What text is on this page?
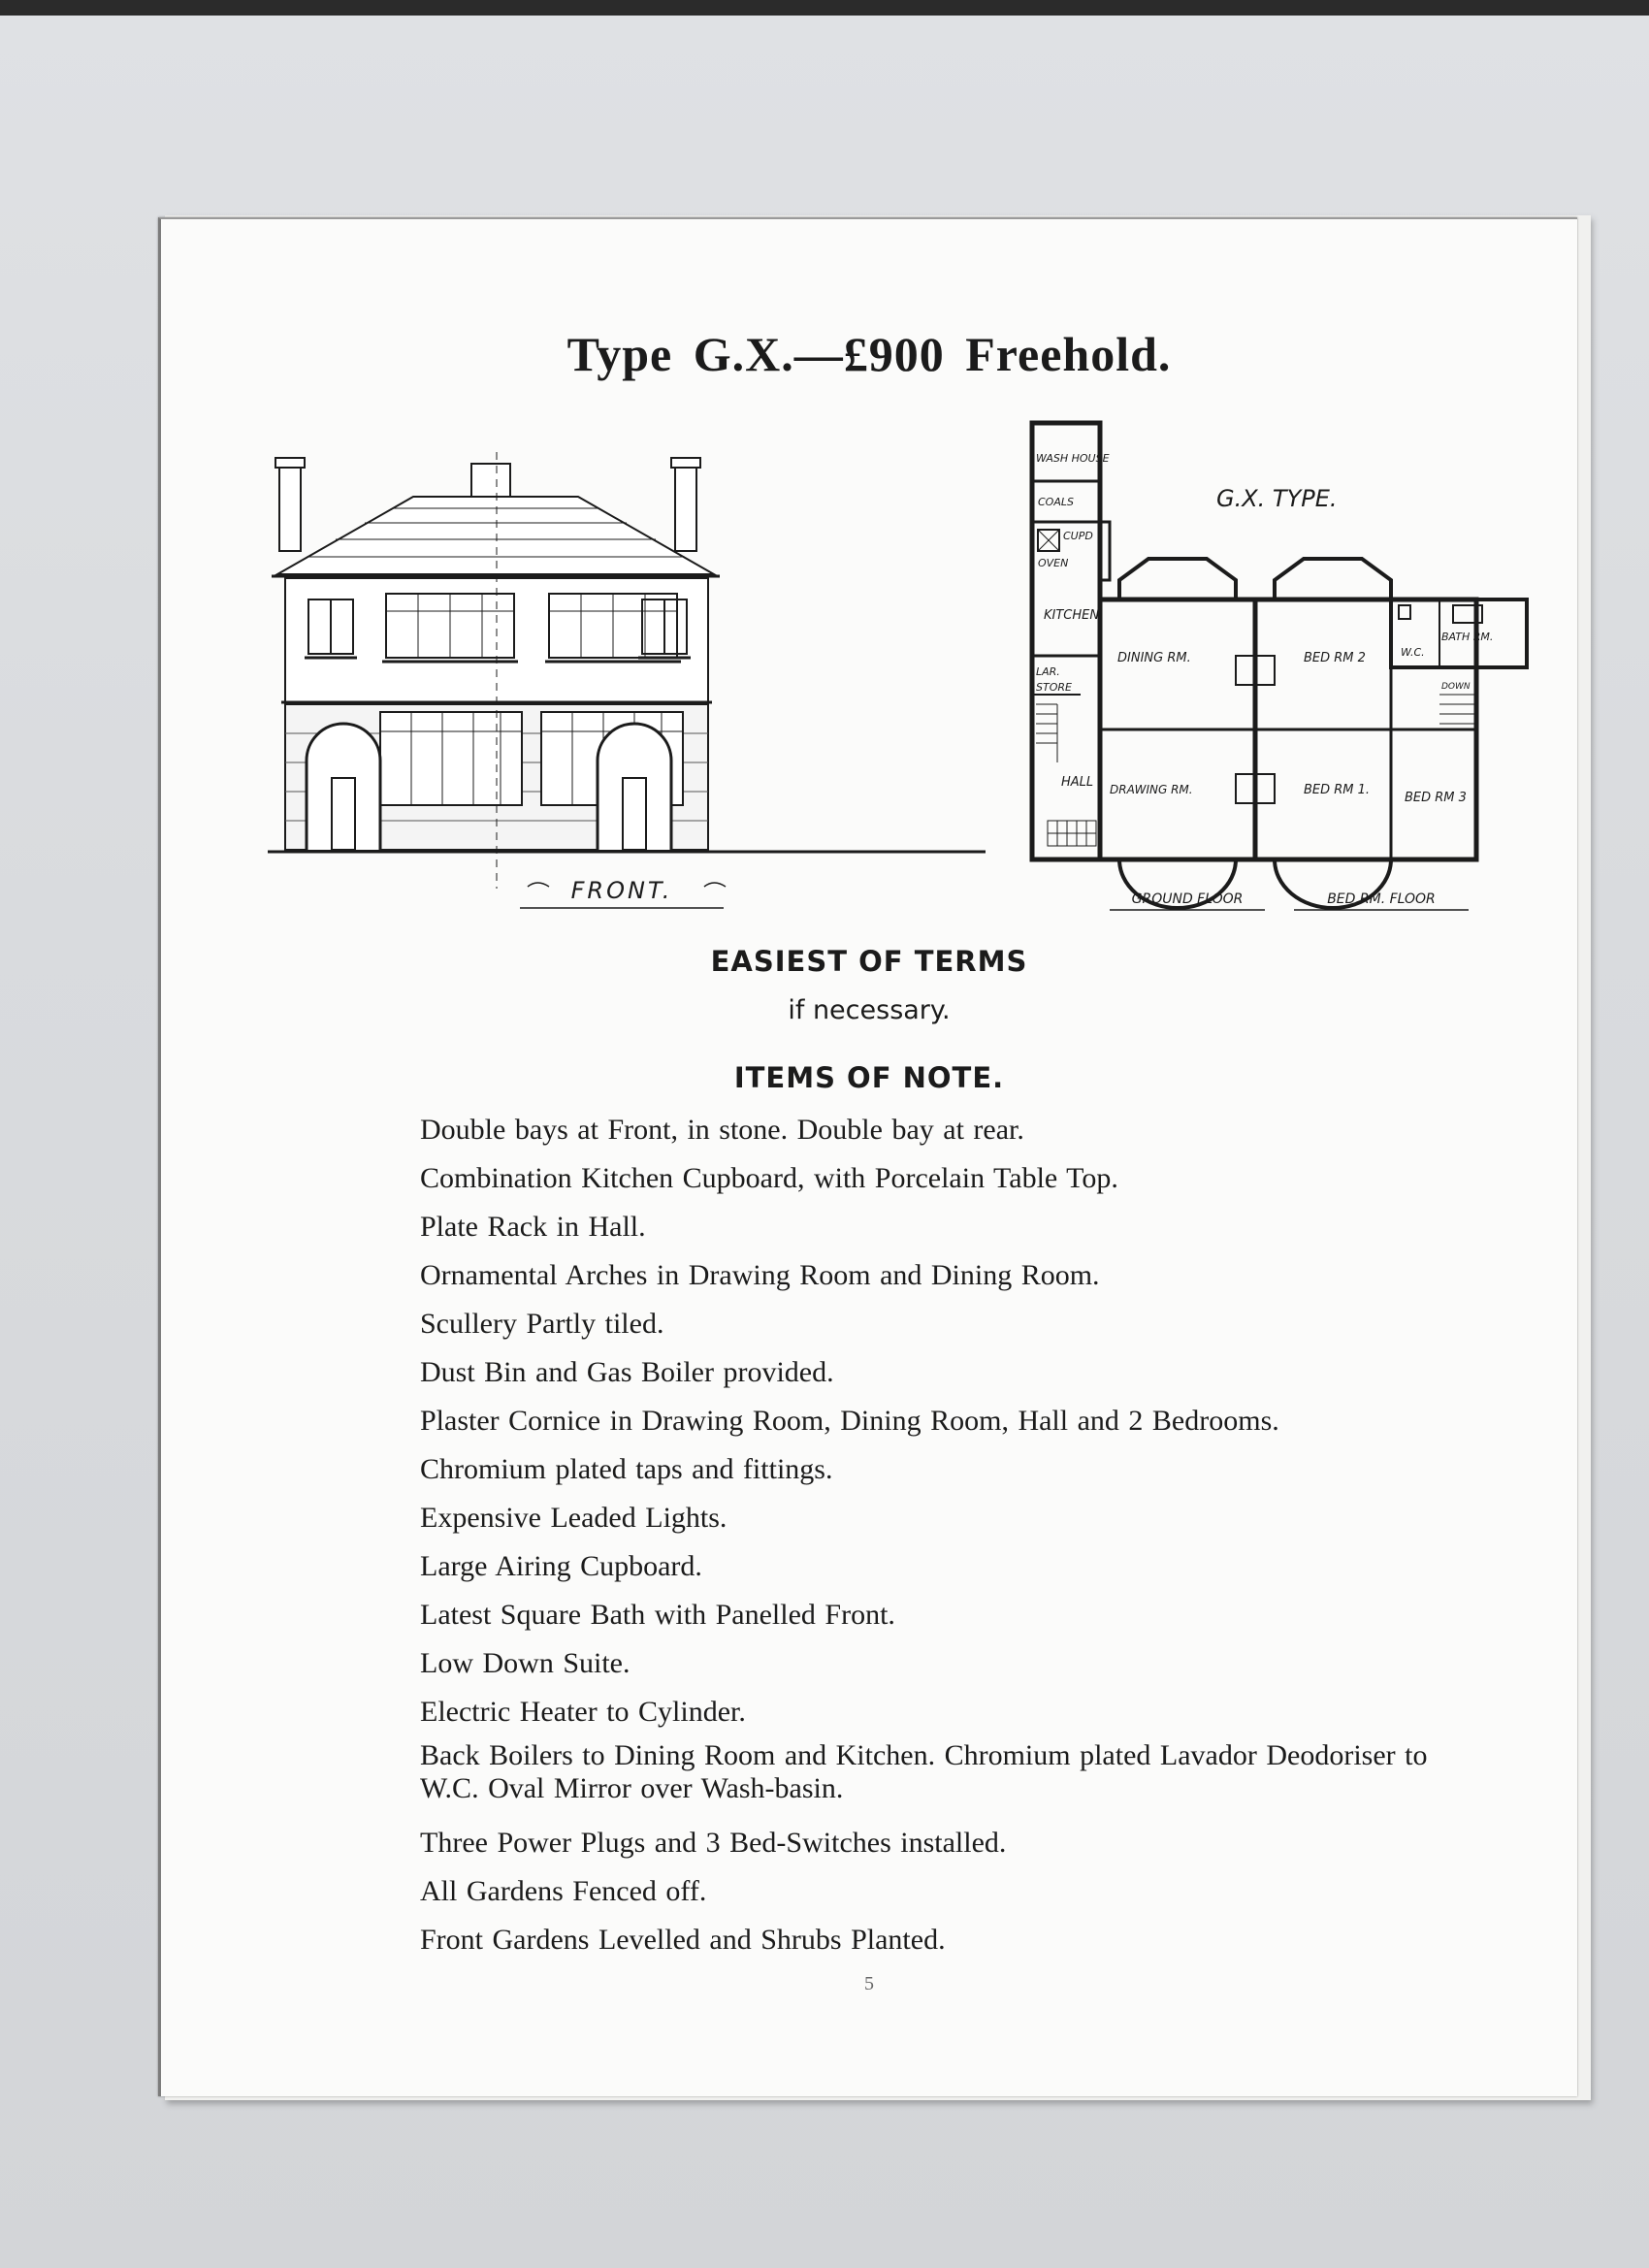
Type G.X.—£900 Freehold.
FRONT.
WASH HOUSE
COALS
CUPD
OVEN
KITCHEN
LAR.
STORE
HALL
DINING RM.
DRAWING RM.
BED RM 2
BED RM 1.
BED RM 3
BATH RM.
W.C.
DOWN
G.X. TYPE.
GROUND FLOOR	BED RM. FLOOR
EASIEST OF TERMS
if necessary.
ITEMS OF NOTE.
Double bays at Front, in stone. Double bay at rear.
Combination Kitchen Cupboard, with Porcelain Table Top.
Plate Rack in Hall.
Ornamental Arches in Drawing Room and Dining Room.
Scullery Partly tiled.
Dust Bin and Gas Boiler provided.
Plaster Cornice in Drawing Room, Dining Room, Hall and 2 Bedrooms.
Chromium plated taps and fittings.
Expensive Leaded Lights.
Large Airing Cupboard.
Latest Square Bath with Panelled Front.
Low Down Suite.
Electric Heater to Cylinder.
Back Boilers to Dining Room and Kitchen. Chromium plated Lavador Deodoriser to W.C. Oval Mirror over Wash-basin.
Three Power Plugs and 3 Bed-Switches installed.
All Gardens Fenced off.
Front Gardens Levelled and Shrubs Planted.
5
